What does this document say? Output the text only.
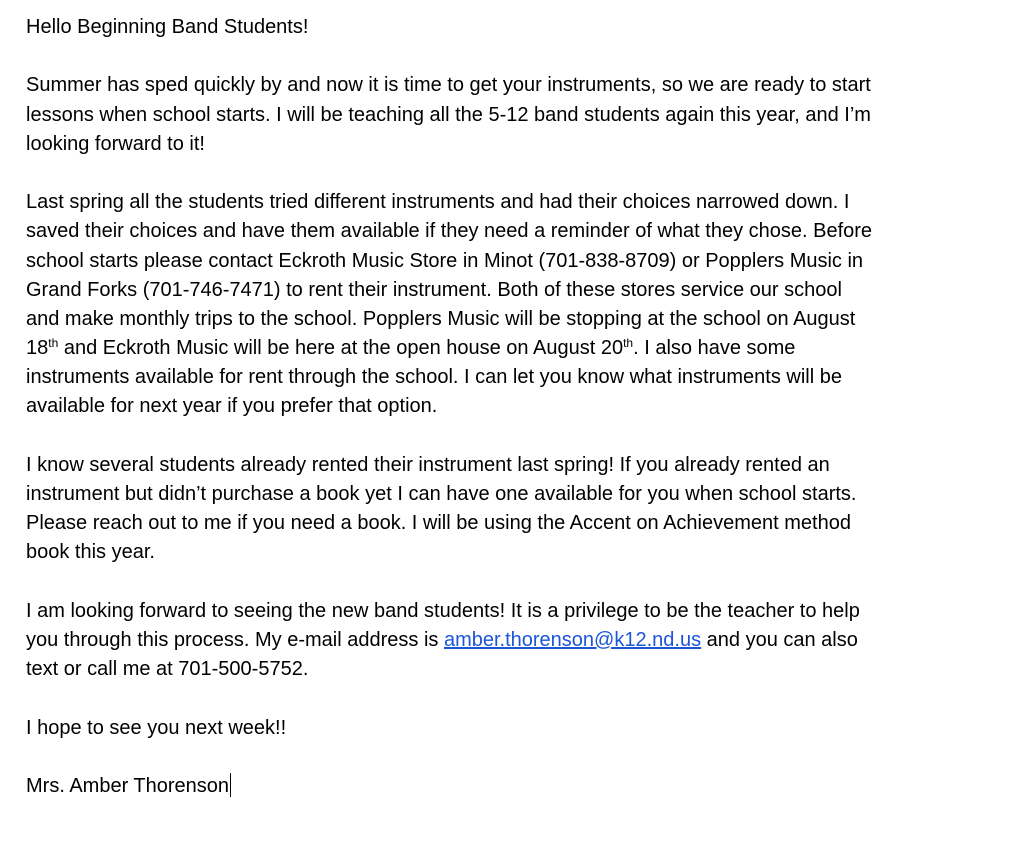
Hello Beginning Band Students!

Summer has sped quickly by and now it is time to get your instruments, so we are ready to start
lessons when school starts. I will be teaching all the 5-12 band students again this year, and I’m
looking forward to it!

Last spring all the students tried different instruments and had their choices narrowed down. I
saved their choices and have them available if they need a reminder of what they chose. Before
school starts please contact Eckroth Music Store in Minot (701-838-8709) or Popplers Music in
Grand Forks (701-746-7471) to rent their instrument. Both of these stores service our school
and make monthly trips to the school. Popplers Music will be stopping at the school on August
18th and Eckroth Music will be here at the open house on August 20th. I also have some
instruments available for rent through the school. I can let you know what instruments will be
available for next year if you prefer that option.

I know several students already rented their instrument last spring! If you already rented an
instrument but didn’t purchase a book yet I can have one available for you when school starts.
Please reach out to me if you need a book. I will be using the Accent on Achievement method
book this year.

I am looking forward to seeing the new band students! It is a privilege to be the teacher to help
you through this process. My e-mail address is amber.thorenson@k12.nd.us and you can also
text or call me at 701-500-5752.

I hope to see you next week!!

Mrs. Amber Thorenson
